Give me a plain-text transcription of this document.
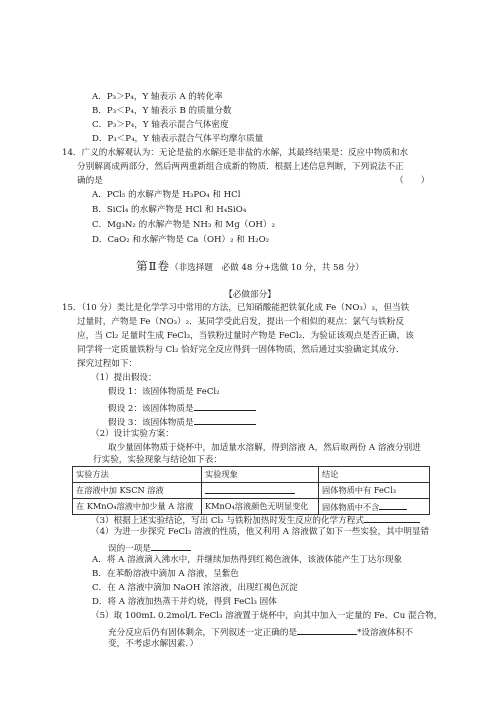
A．P₃＞P₄，Y 轴表示 A 的转化率
B．P₃＜P₄，Y 轴表示 B 的质量分数
C．P₃＞P₄，Y 轴表示混合气体密度
D．P₃＜P₄，Y 轴表示混合气体平均摩尔质量
14．广义的水解观认为：无论是盐的水解还是非盐的水解，其最终结果是：反应中物质和水
分别解离成两部分，然后两两重新组合成新的物质．根据上述信息判断，下列说法不正
确的是	（　　）
A．PCl₅ 的水解产物是 H₃PO₄ 和 HCl
B．SiCl₄ 的水解产物是 HCl 和 H₄SiO₄
C．Mg₃N₂ 的水解产物是 NH₃ 和 Mg（OH）₂
D．CaO₂ 和水解产物是 Ca（OH）₂ 和 H₂O₂
第Ⅱ卷（非选择题　必做 48 分+选做 10 分，共 58 分）
【必做部分】
15．（10 分）类比是化学学习中常用的方法，已知硝酸能把铁氧化成 Fe（NO₃）₃，但当铁
过量时，产物是 Fe（NO₃）₂．某同学受此启发，提出一个相似的观点：氯气与铁粉反
应，当 Cl₂ 足量时生成 FeCl₃，当铁粉过量时产物是 FeCl₂．为验证该观点是否正确，该
同学将一定质量铁粉与 Cl₂ 恰好完全反应得到一固体物质，然后通过实验确定其成分．
探究过程如下：
（1）提出假设：
假设 1：该固体物质是 FeCl₂
假设 2：该固体物质是
假设 3：该固体物质是
（2）设计实验方案：
取少量固体物质于烧杯中，加适量水溶解，得到溶液 A，然后取两份 A 溶液分别进
行实验，实验现象与结论如下表：
实验方法	实验现象	结论
在溶液中加 KSCN 溶液		固体物质中有 FeCl₃
在 KMnO₄溶液中加少量 A 溶液	KMnO₄溶液颜色无明显变化	固体物质中不含
（3）根据上述实验结论，写出 Cl₂ 与铁粉加热时发生反应的化学方程式
（4）为进一步探究 FeCl₃ 溶液的性质，他又利用 A 溶液做了如下一些实验，其中明显错
误的一项是
A．将 A 溶液滴入沸水中，并继续加热得到红褐色液体，该液体能产生丁达尔现象
B．在苯酚溶液中滴加 A 溶液，呈紫色
C．在 A 溶液中滴加 NaOH 浓溶液，出现红褐色沉淀
D．将 A 溶液加热蒸干并灼烧，得到 FeCl₃ 固体
（5）取 100mL 0.2mol/L FeCl₃ 溶液置于烧杯中，向其中加入一定量的 Fe、Cu 混合物，
充分反应后仍有固体剩余，下列叙述一定正确的是	*设溶液体积不
变，不考虑水解因素．）
